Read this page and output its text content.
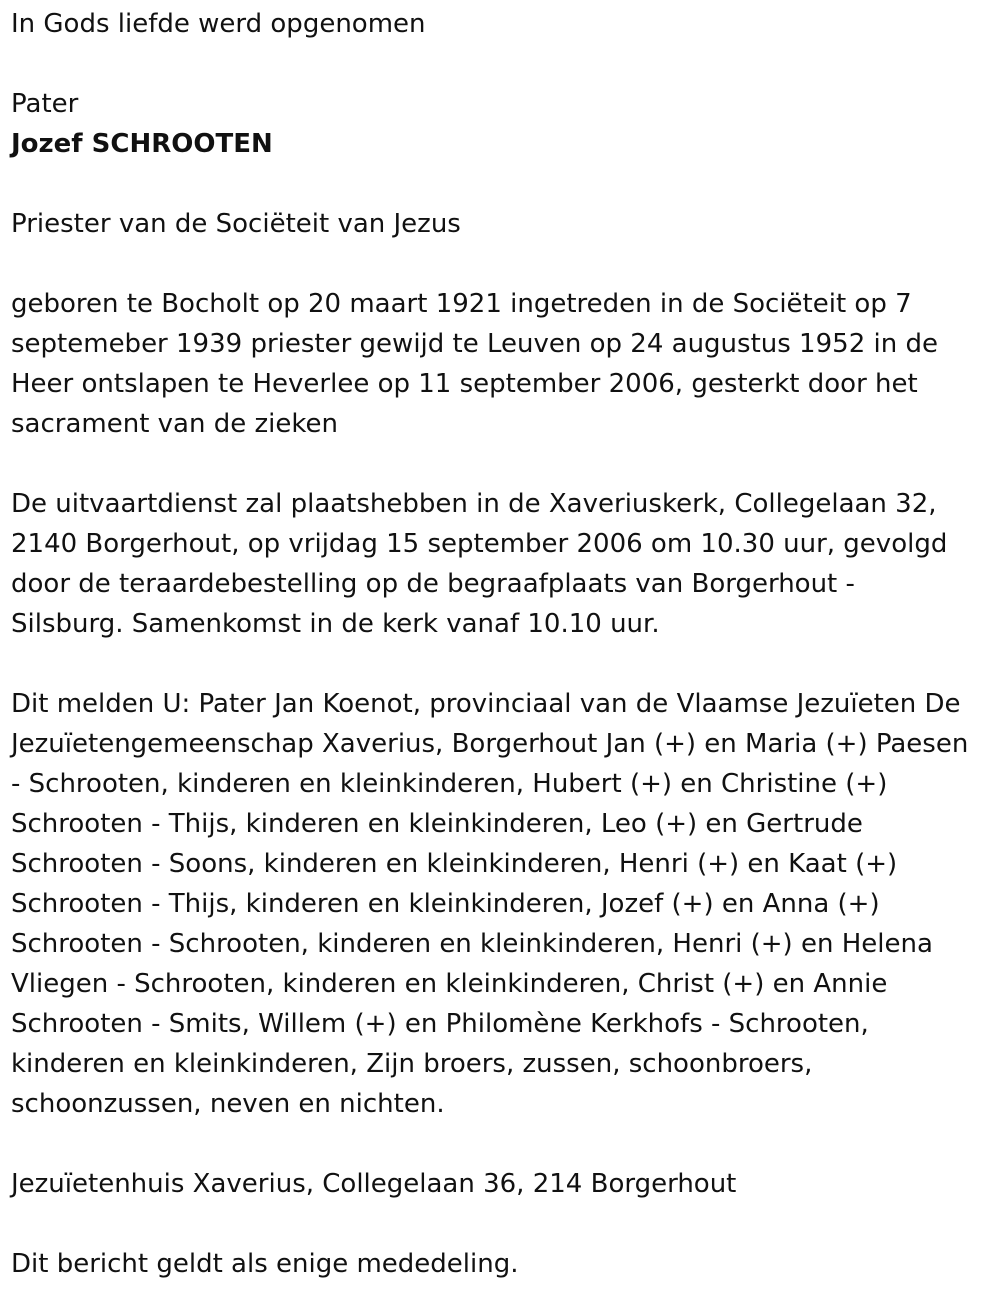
In Gods liefde werd opgenomen

Pater

Jozef SCHROOTEN

Priester van de Sociëteit van Jezus

geboren te Bocholt op 20 maart 1921 ingetreden in de Sociëteit op 7

septemeber 1939 priester gewijd te Leuven op 24 augustus 1952 in de

Heer ontslapen te Heverlee op 11 september 2006, gesterkt door het

sacrament van de zieken

De uitvaartdienst zal plaatshebben in de Xaveriuskerk, Collegelaan 32,

2140 Borgerhout, op vrijdag 15 september 2006 om 10.30 uur, gevolgd

door de teraardebestelling op de begraafplaats van Borgerhout -

Silsburg. Samenkomst in de kerk vanaf 10.10 uur.

Dit melden U: Pater Jan Koenot, provinciaal van de Vlaamse Jezuïeten De

Jezuïetengemeenschap Xaverius, Borgerhout Jan (+) en Maria (+) Paesen

- Schrooten, kinderen en kleinkinderen, Hubert (+) en Christine (+)

Schrooten - Thijs, kinderen en kleinkinderen, Leo (+) en Gertrude

Schrooten - Soons, kinderen en kleinkinderen, Henri (+) en Kaat (+)

Schrooten - Thijs, kinderen en kleinkinderen, Jozef (+) en Anna (+)

Schrooten - Schrooten, kinderen en kleinkinderen, Henri (+) en Helena

Vliegen - Schrooten, kinderen en kleinkinderen, Christ (+) en Annie

Schrooten - Smits, Willem (+) en Philomène Kerkhofs - Schrooten,

kinderen en kleinkinderen, Zijn broers, zussen, schoonbroers,

schoonzussen, neven en nichten.

Jezuïetenhuis Xaverius, Collegelaan 36, 214 Borgerhout

Dit bericht geldt als enige mededeling.
